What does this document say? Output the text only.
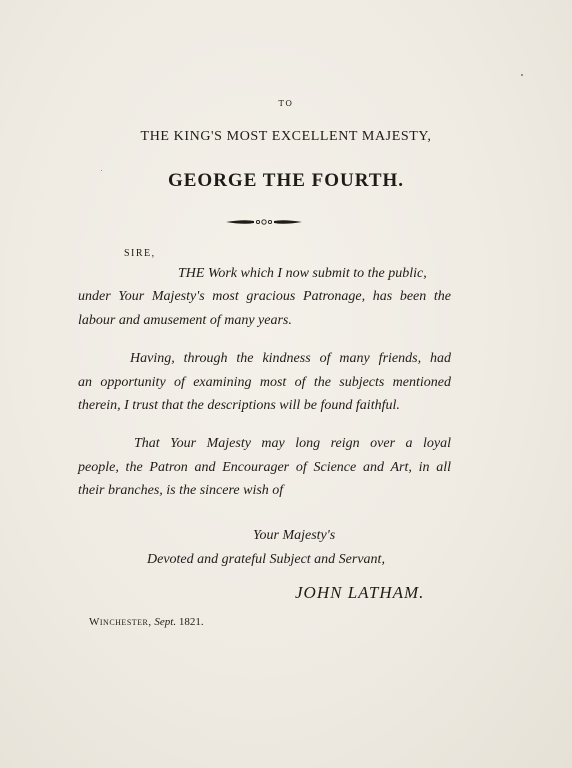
TO
THE KING'S MOST EXCELLENT MAJESTY,
GEORGE THE FOURTH.
SIRE,
THE Work which I now submit to the public,
under Your Majesty's most gracious Patronage, has been the
labour and amusement of many years.
Having, through the kindness of many friends, had
an opportunity of examining most of the subjects mentioned
therein, I trust that the descriptions will be found faithful.
That Your Majesty may long reign over a loyal
people, the Patron and Encourager of Science and Art, in all
their branches, is the sincere wish of
Your Majesty's
Devoted and grateful Subject and Servant,
JOHN LATHAM.
Winchester, Sept. 1821.
